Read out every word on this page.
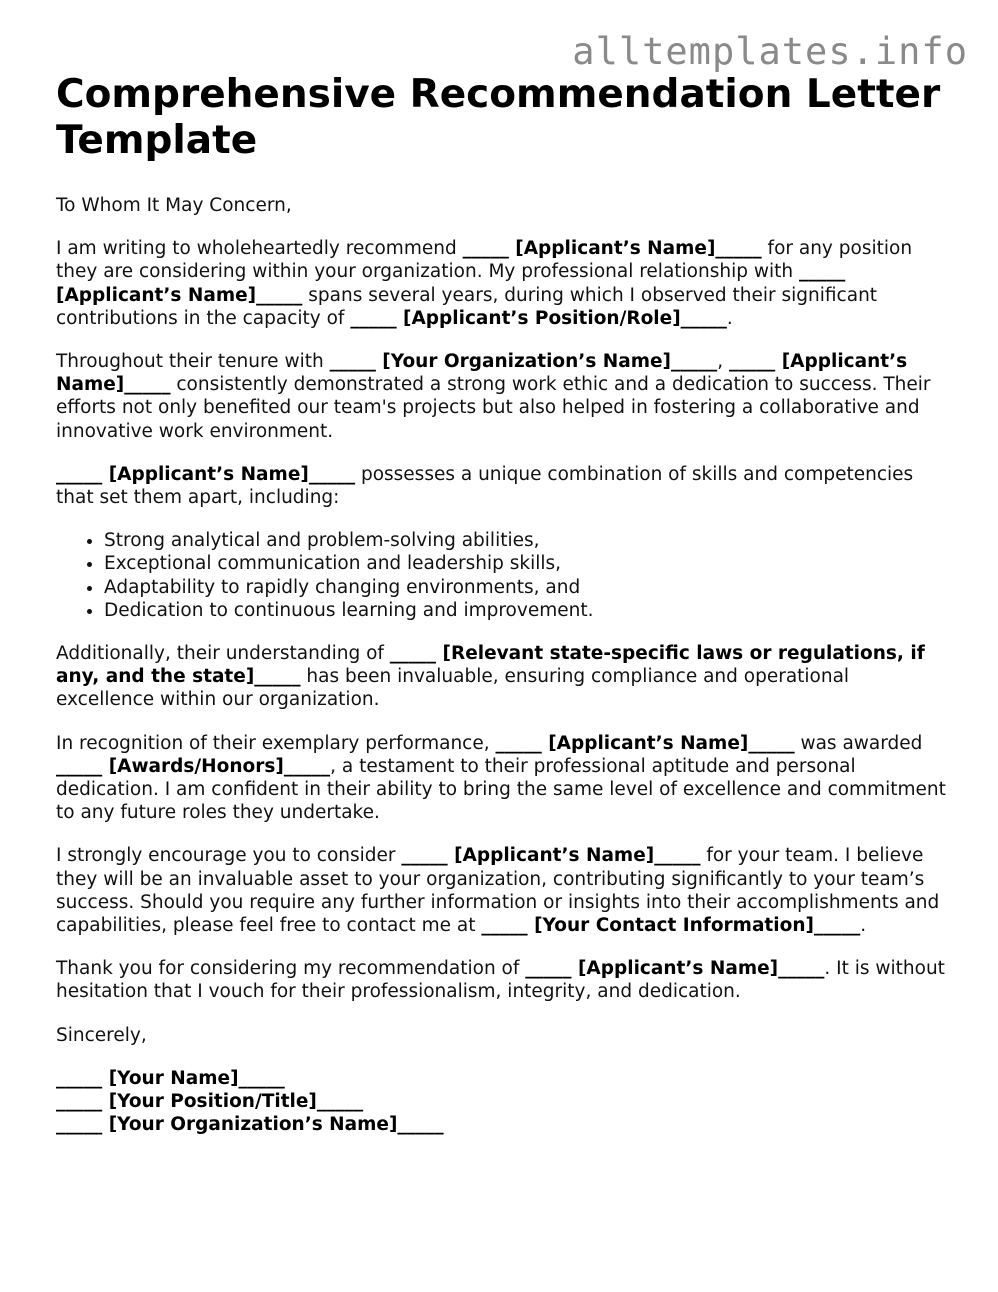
alltemplates.info
Comprehensive Recommendation Letter Template

To Whom It May Concern,

I am writing to wholeheartedly recommend _____ [Applicant’s Name]_____ for any position they are considering within your organization. My professional relationship with _____ [Applicant’s Name]_____ spans several years, during which I observed their significant contributions in the capacity of _____ [Applicant’s Position/Role]_____.

Throughout their tenure with _____ [Your Organization’s Name]_____, _____ [Applicant’s Name]_____ consistently demonstrated a strong work ethic and a dedication to success. Their efforts not only benefited our team's projects but also helped in fostering a collaborative and innovative work environment.

_____ [Applicant’s Name]_____ possesses a unique combination of skills and competencies that set them apart, including:

• Strong analytical and problem-solving abilities,
• Exceptional communication and leadership skills,
• Adaptability to rapidly changing environments, and
• Dedication to continuous learning and improvement.

Additionally, their understanding of _____ [Relevant state-specific laws or regulations, if any, and the state]_____ has been invaluable, ensuring compliance and operational excellence within our organization.

In recognition of their exemplary performance, _____ [Applicant’s Name]_____ was awarded _____ [Awards/Honors]_____, a testament to their professional aptitude and personal dedication. I am confident in their ability to bring the same level of excellence and commitment to any future roles they undertake.

I strongly encourage you to consider _____ [Applicant’s Name]_____ for your team. I believe they will be an invaluable asset to your organization, contributing significantly to your team’s success. Should you require any further information or insights into their accomplishments and capabilities, please feel free to contact me at _____ [Your Contact Information]_____.

Thank you for considering my recommendation of _____ [Applicant’s Name]_____. It is without hesitation that I vouch for their professionalism, integrity, and dedication.

Sincerely,

_____ [Your Name]_____
_____ [Your Position/Title]_____
_____ [Your Organization’s Name]_____
